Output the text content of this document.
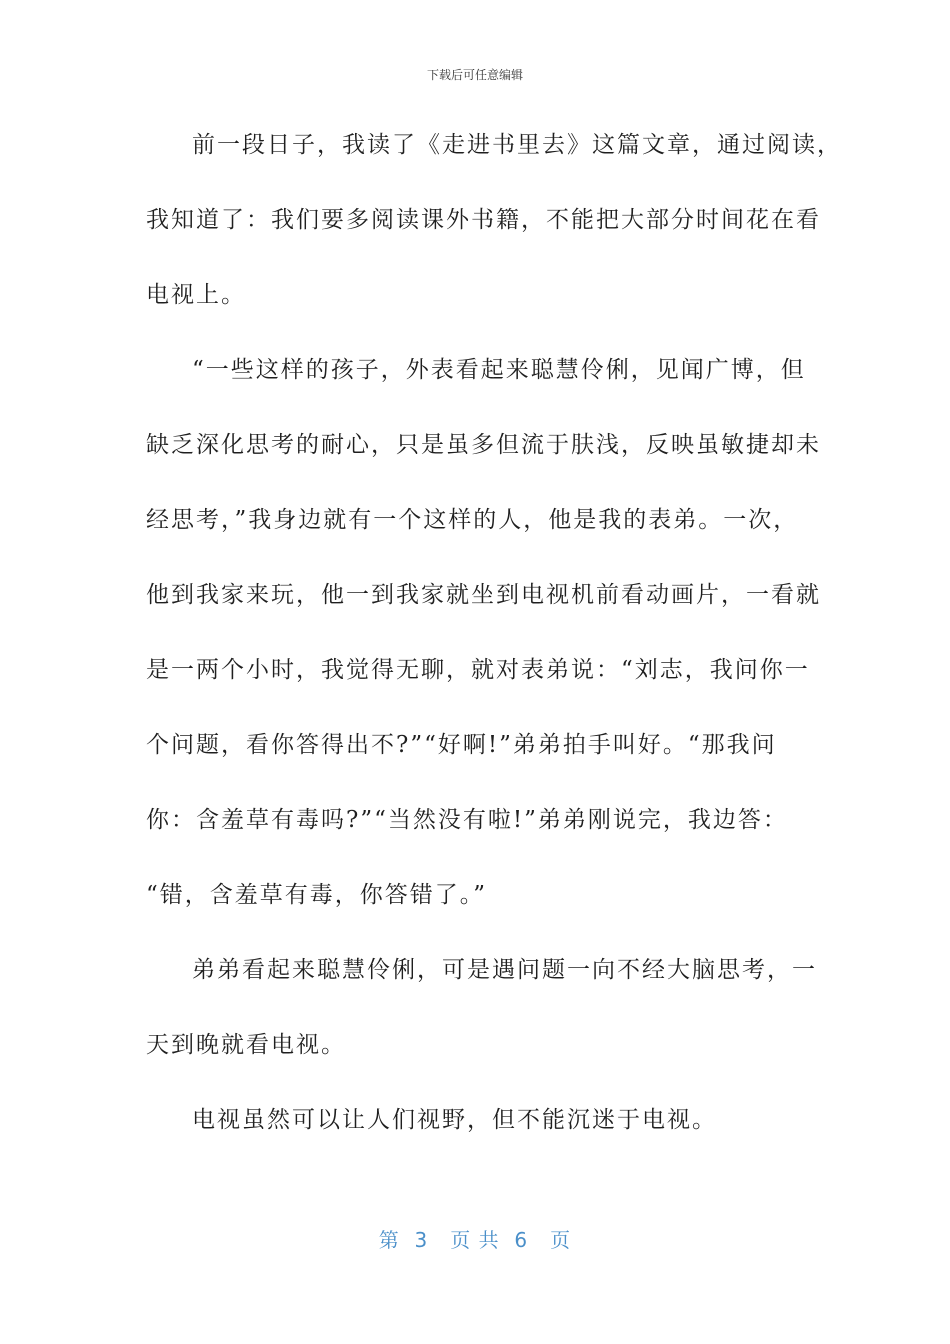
下载后可任意编辑
前一段日子，我读了《走进书里去》这篇文章，通过阅读，
我知道了：我们要多阅读课外书籍，不能把大部分时间花在看
电视上。
“一些这样的孩子，外表看起来聪慧伶俐，见闻广博，但
缺乏深化思考的耐心，只是虽多但流于肤浅，反映虽敏捷却未
经思考，”我身边就有一个这样的人，他是我的表弟。一次，
他到我家来玩，他一到我家就坐到电视机前看动画片，一看就
是一两个小时，我觉得无聊，就对表弟说：“刘志，我问你一
个问题，看你答得出不?”“好啊!”弟弟拍手叫好。“那我问
你：含羞草有毒吗?”“当然没有啦!”弟弟刚说完，我边答：
“错，含羞草有毒，你答错了。”
弟弟看起来聪慧伶俐，可是遇问题一向不经大脑思考，一
天到晚就看电视。
电视虽然可以让人们视野，但不能沉迷于电视。
第  3   页 共  6   页
